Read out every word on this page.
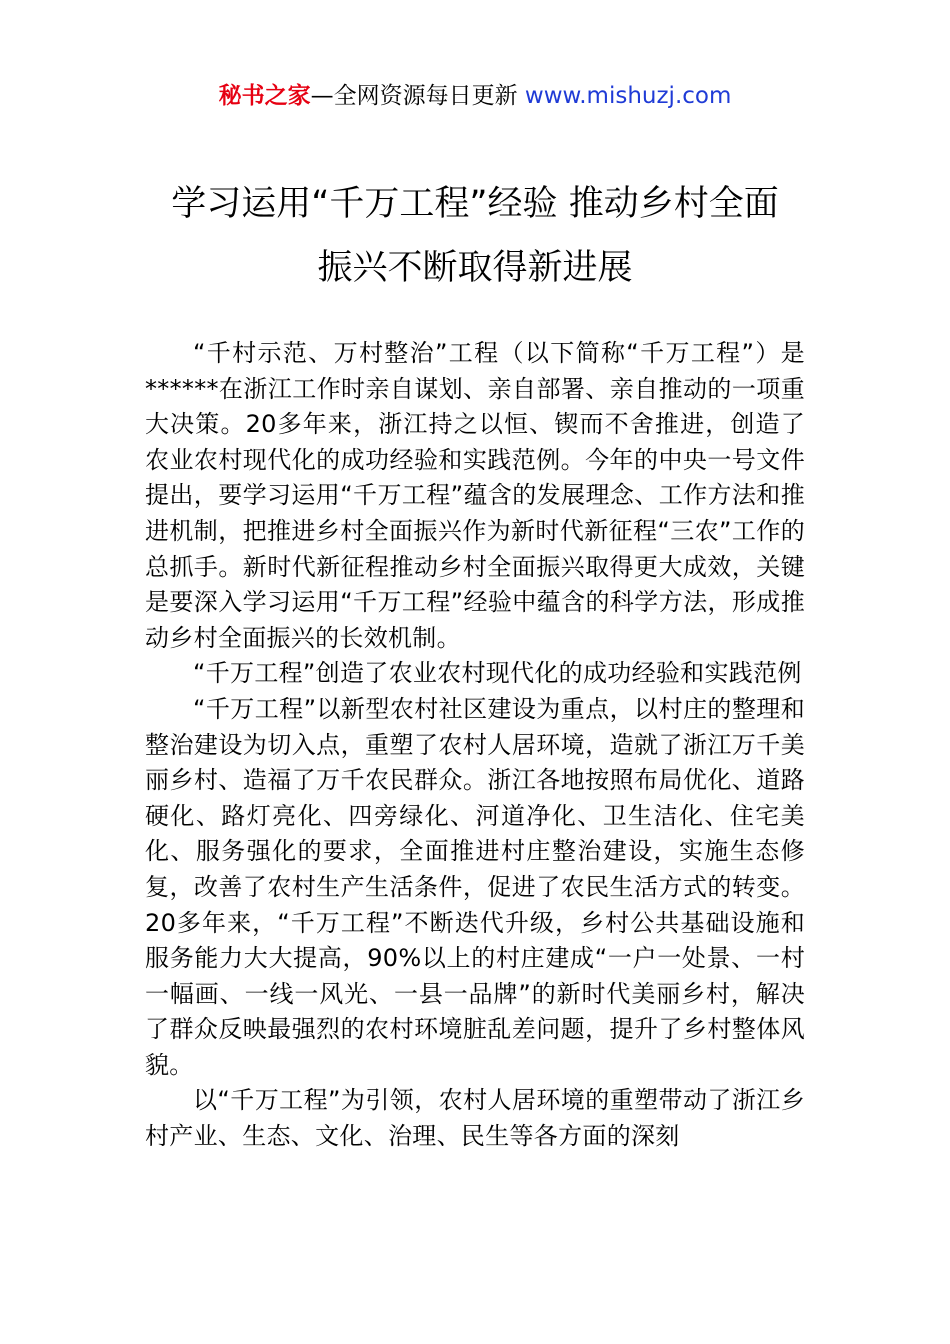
秘书之家—全网资源每日更新 www.mishuzj.com
学习运用“千万工程”经验 推动乡村全面
振兴不断取得新进展

“千村示范、万村整治”工程（以下简称“千万工程”）是******在浙江工作时亲自谋划、亲自部署、亲自推动的一项重大决策。20多年来，浙江持之以恒、锲而不舍推进，创造了农业农村现代化的成功经验和实践范例。今年的中央一号文件提出，要学习运用“千万工程”蕴含的发展理念、工作方法和推进机制，把推进乡村全面振兴作为新时代新征程“三农”工作的总抓手。新时代新征程推动乡村全面振兴取得更大成效，关键是要深入学习运用“千万工程”经验中蕴含的科学方法，形成推动乡村全面振兴的长效机制。

“千万工程”创造了农业农村现代化的成功经验和实践范例

“千万工程”以新型农村社区建设为重点，以村庄的整理和整治建设为切入点，重塑了农村人居环境，造就了浙江万千美丽乡村、造福了万千农民群众。浙江各地按照布局优化、道路硬化、路灯亮化、四旁绿化、河道净化、卫生洁化、住宅美化、服务强化的要求，全面推进村庄整治建设，实施生态修复，改善了农村生产生活条件，促进了农民生活方式的转变。20多年来，“千万工程”不断迭代升级，乡村公共基础设施和服务能力大大提高，90%以上的村庄建成“一户一处景、一村一幅画、一线一风光、一县一品牌”的新时代美丽乡村，解决了群众反映最强烈的农村环境脏乱差问题，提升了乡村整体风貌。

以“千万工程”为引领，农村人居环境的重塑带动了浙江乡村产业、生态、文化、治理、民生等各方面的深刻
